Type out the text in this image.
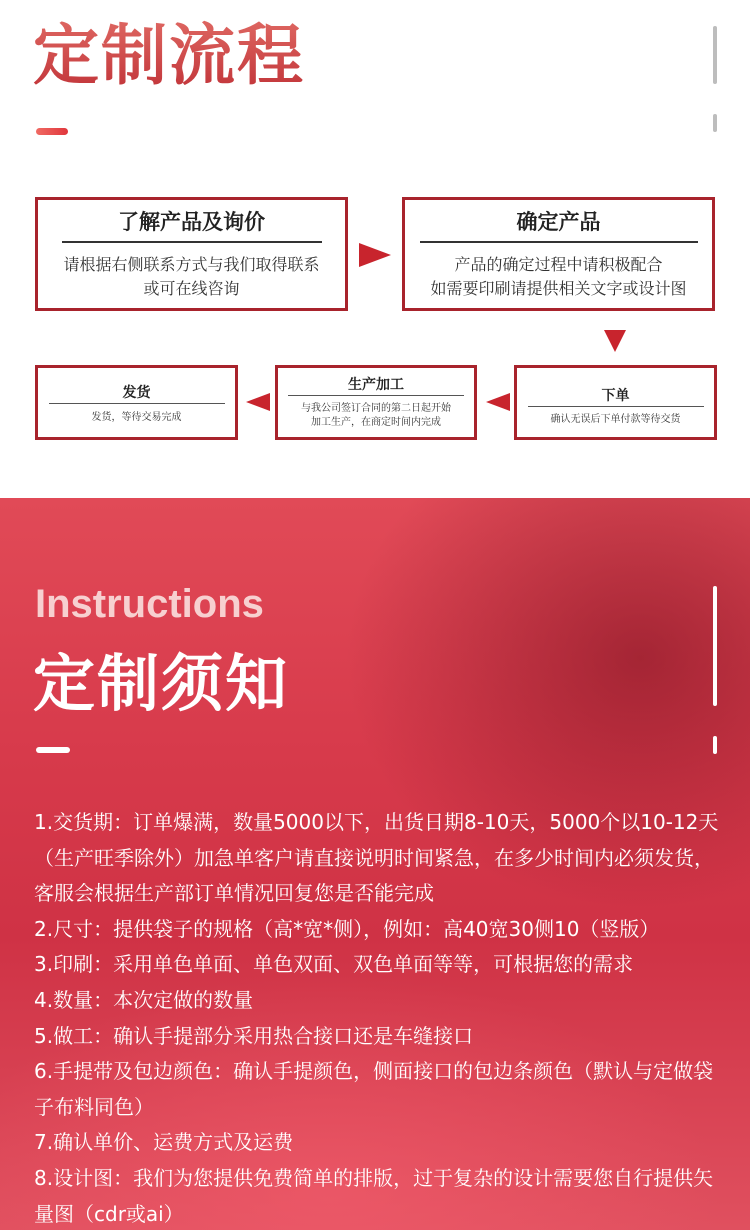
定制流程
了解产品及询价
请根据右侧联系方式与我们取得联系
或可在线咨询
确定产品
产品的确定过程中请积极配合
如需要印刷请提供相关文字或设计图
下单
确认无误后下单付款等待交货
生产加工
与我公司签订合同的第二日起开始
加工生产，在商定时间内完成
发货
发货，等待交易完成
Instructions
定制须知

1.交货期：订单爆满，数量5000以下，出货日期8-10天，5000个以10-12天（生产旺季除外）加急单客户请直接说明时间紧急，在多少时间内必须发货，客服会根据生产部订单情况回复您是否能完成

2.尺寸：提供袋子的规格（高*宽*侧），例如：高40宽30侧10（竖版）

3.印刷：采用单色单面、单色双面、双色单面等等，可根据您的需求

4.数量：本次定做的数量

5.做工：确认手提部分采用热合接口还是车缝接口

6.手提带及包边颜色：确认手提颜色，侧面接口的包边条颜色（默认与定做袋子布料同色）

7.确认单价、运费方式及运费

8.设计图：我们为您提供免费简单的排版，过于复杂的设计需要您自行提供矢量图（cdr或ai）
